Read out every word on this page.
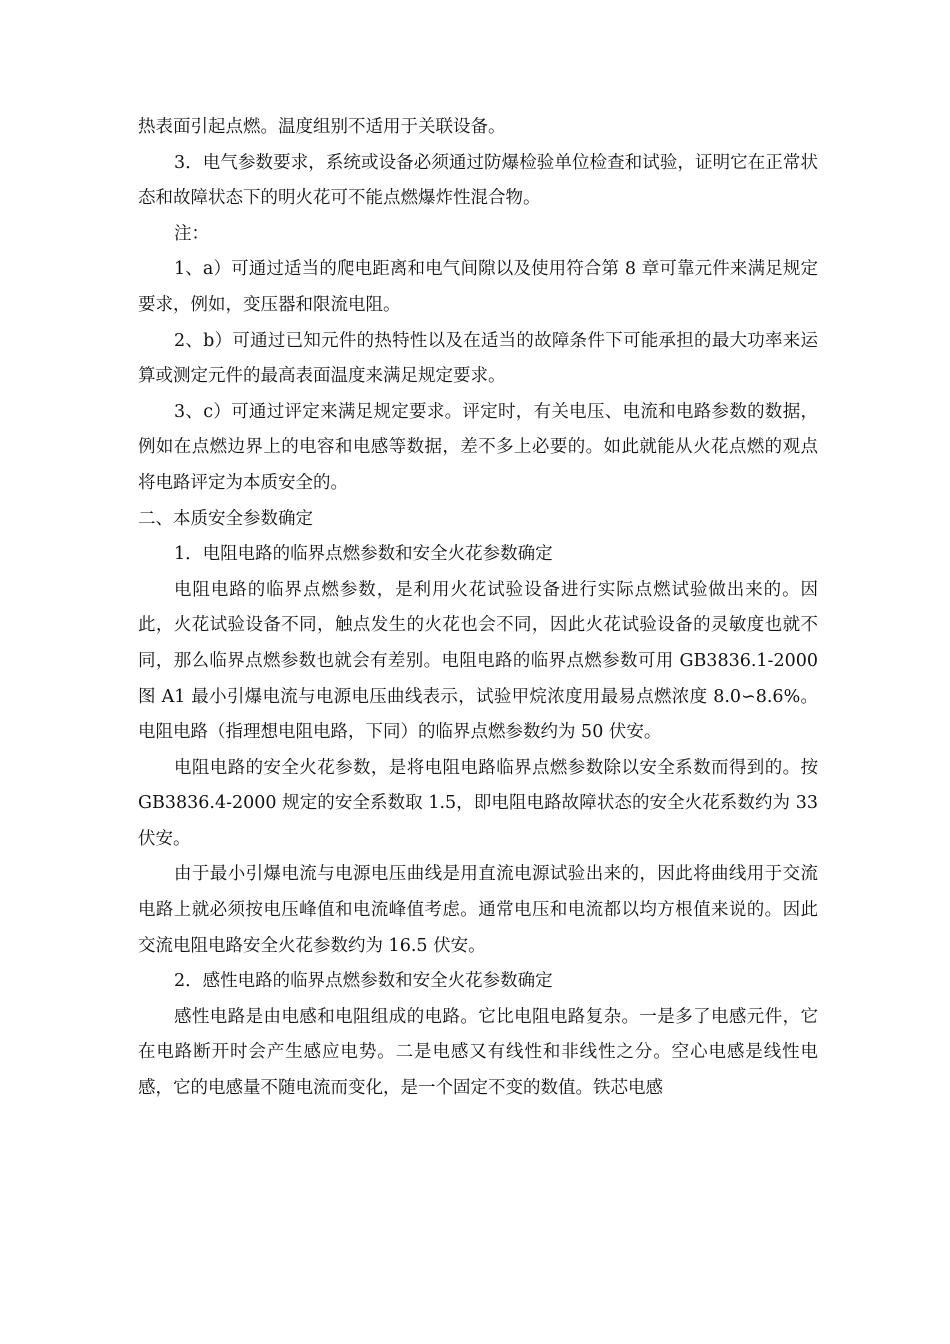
热表面引起点燃。温度组别不适用于关联设备。

3．电气参数要求，系统或设备必须通过防爆检验单位检查和试验，证明它在正常状态和故障状态下的明火花可不能点燃爆炸性混合物。

注：

1、a）可通过适当的爬电距离和电气间隙以及使用符合第 8 章可靠元件来满足规定要求，例如，变压器和限流电阻。

2、b）可通过已知元件的热特性以及在适当的故障条件下可能承担的最大功率来运算或测定元件的最高表面温度来满足规定要求。

3、c）可通过评定来满足规定要求。评定时，有关电压、电流和电路参数的数据，例如在点燃边界上的电容和电感等数据，差不多上必要的。如此就能从火花点燃的观点将电路评定为本质安全的。

二、本质安全参数确定

1．电阻电路的临界点燃参数和安全火花参数确定

电阻电路的临界点燃参数，是利用火花试验设备进行实际点燃试验做出来的。因此，火花试验设备不同，触点发生的火花也会不同，因此火花试验设备的灵敏度也就不同，那么临界点燃参数也就会有差别。电阻电路的临界点燃参数可用 GB3836.1-2000 图 A1 最小引爆电流与电源电压曲线表示，试验甲烷浓度用最易点燃浓度 8.0∽8.6%。电阻电路（指理想电阻电路，下同）的临界点燃参数约为 50 伏安。

电阻电路的安全火花参数，是将电阻电路临界点燃参数除以安全系数而得到的。按 GB3836.4-2000 规定的安全系数取 1.5，即电阻电路故障状态的安全火花系数约为 33 伏安。

由于最小引爆电流与电源电压曲线是用直流电源试验出来的，因此将曲线用于交流电路上就必须按电压峰值和电流峰值考虑。通常电压和电流都以均方根值来说的。因此交流电阻电路安全火花参数约为 16.5 伏安。

2．感性电路的临界点燃参数和安全火花参数确定

感性电路是由电感和电阻组成的电路。它比电阻电路复杂。一是多了电感元件，它在电路断开时会产生感应电势。二是电感又有线性和非线性之分。空心电感是线性电感，它的电感量不随电流而变化，是一个固定不变的数值。铁芯电感
